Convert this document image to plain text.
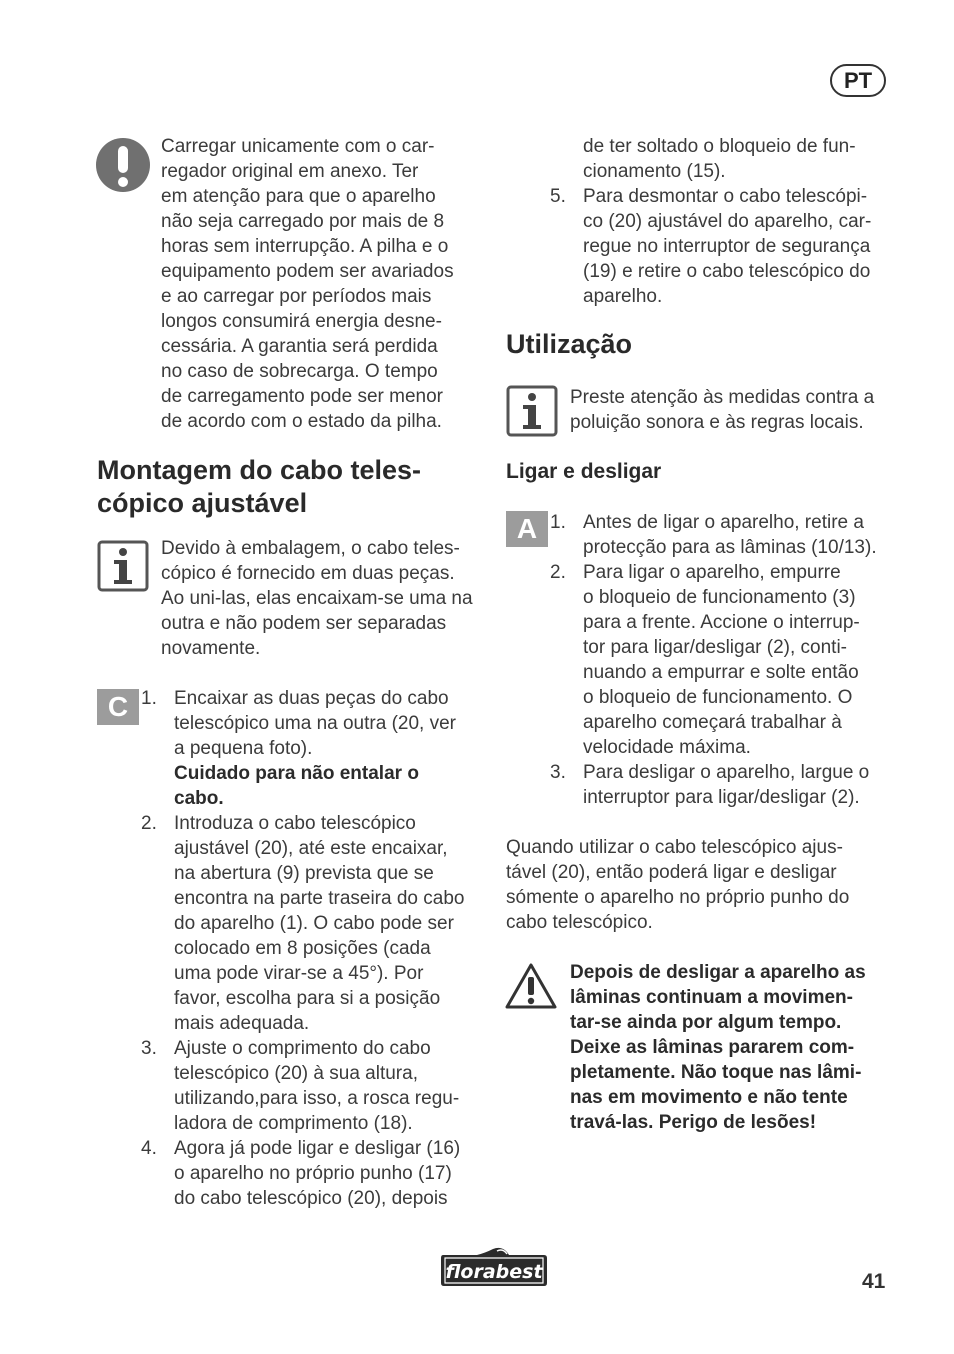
PT

Carregar unicamente com o car-

regador original em anexo. Ter

em atenção para que o aparelho

não seja carregado por mais de 8

horas sem interrupção. A pilha e o

equipamento podem ser avariados

e ao carregar por períodos mais

longos consumirá energia desne-

cessária. A garantia será perdida

no caso de sobrecarga. O tempo

de carregamento pode ser menor

de acordo com o estado da pilha.

Montagem do cabo teles-
cópico ajustável

Devido à embalagem, o cabo teles-

cópico é fornecido em duas peças.

Ao uni-las, elas encaixam-se uma na

outra e não podem ser separadas

novamente.

C 1. Encaixar as duas peças do cabo

telescópico uma na outra (20, ver

a pequena foto).

Cuidado para não entalar o

cabo.

2. Introduza o cabo telescópico

ajustável (20), até este encaixar,

na abertura (9) prevista que se

encontra na parte traseira do cabo

do aparelho (1). O cabo pode ser

colocado em 8 posições (cada

uma pode virar-se a 45°). Por

favor, escolha para si a posição

mais adequada.

3. Ajuste o comprimento do cabo

telescópico (20) à sua altura,

utilizando,para isso, a rosca regu-

ladora de comprimento (18).

4. Agora já pode ligar e desligar (16)

o aparelho no próprio punho (17)

do cabo telescópico (20), depois

de ter soltado o bloqueio de fun-

cionamento (15).

5. Para desmontar o cabo telescópi-

co (20) ajustável do aparelho, car-

regue no interruptor de segurança

(19) e retire o cabo telescópico do

aparelho.

Utilização

Preste atenção às medidas contra a

poluição sonora e às regras locais.

Ligar e desligar
A 1. Antes de ligar o aparelho, retire a

protecção para as lâminas (10/13).

2. Para ligar o aparelho, empurre

o bloqueio de funcionamento (3)

para a frente. Accione o interrup-

tor para ligar/desligar (2), conti-

nuando a empurrar e solte então

o bloqueio de funcionamento. O

aparelho começará trabalhar à

velocidade máxima.

3. Para desligar o aparelho, largue o

interruptor para ligar/desligar (2).

Quando utilizar o cabo telescópico ajus-

tável (20), então poderá ligar e desligar

sómente o aparelho no próprio punho do

cabo telescópico.

Depois de desligar a aparelho as

lâminas continuam a movimen-

tar-se ainda por algum tempo.

Deixe as lâminas pararem com-

pletamente. Não toque nas lâmi-

nas em movimento e não tente

travá-las. Perigo de lesões!

florabest	41
